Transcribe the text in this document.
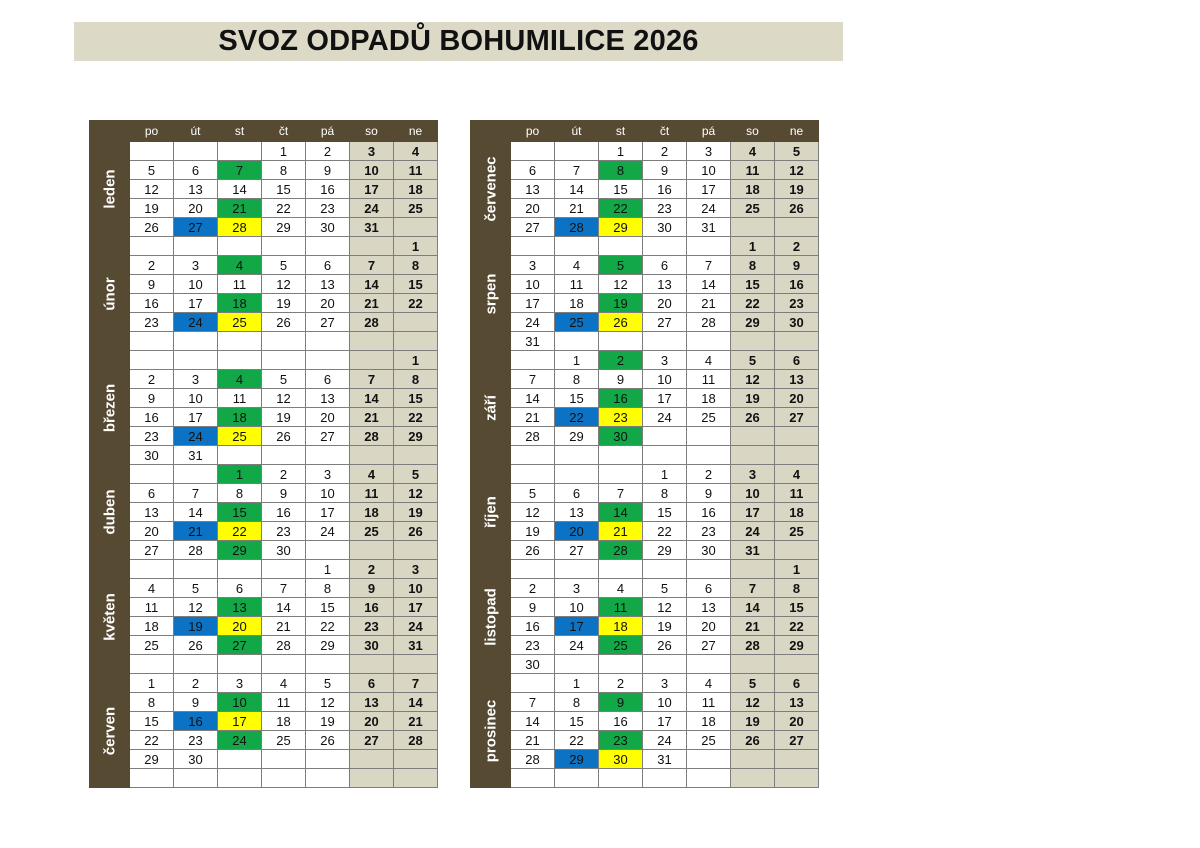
SVOZ ODPADŮ BOHUMILICE 2026
	po	út	st	čt	pá	so	ne

leden				1	2	3	4
	5	6	7	8	9	10	11
	12	13	14	15	16	17	18
	19	20	21	22	23	24	25
	26	27	28	29	30	31	

únor							1
	2	3	4	5	6	7	8
	9	10	11	12	13	14	15
	16	17	18	19	20	21	22
	23	24	25	26	27	28	

březen							1
	2	3	4	5	6	7	8
	9	10	11	12	13	14	15
	16	17	18	19	20	21	22
	23	24	25	26	27	28	29
	30	31					

duben			1	2	3	4	5
	6	7	8	9	10	11	12
	13	14	15	16	17	18	19
	20	21	22	23	24	25	26
	27	28	29	30			

květen					1	2	3
	4	5	6	7	8	9	10
	11	12	13	14	15	16	17
	18	19	20	21	22	23	24
	25	26	27	28	29	30	31

červen	1	2	3	4	5	6	7
	8	9	10	11	12	13	14
	15	16	17	18	19	20	21
	22	23	24	25	26	27	28
	29	30					

	po	út	st	čt	pá	so	ne

červenec			1	2	3	4	5
	6	7	8	9	10	11	12
	13	14	15	16	17	18	19
	20	21	22	23	24	25	26
	27	28	29	30	31		

srpen						1	2
	3	4	5	6	7	8	9
	10	11	12	13	14	15	16
	17	18	19	20	21	22	23
	24	25	26	27	28	29	30
	31						

září		1	2	3	4	5	6
	7	8	9	10	11	12	13
	14	15	16	17	18	19	20
	21	22	23	24	25	26	27
	28	29	30				

říjen				1	2	3	4
	5	6	7	8	9	10	11
	12	13	14	15	16	17	18
	19	20	21	22	23	24	25
	26	27	28	29	30	31	

listopad							1
	2	3	4	5	6	7	8
	9	10	11	12	13	14	15
	16	17	18	19	20	21	22
	23	24	25	26	27	28	29
	30						

prosinec		1	2	3	4	5	6
	7	8	9	10	11	12	13
	14	15	16	17	18	19	20
	21	22	23	24	25	26	27
	28	29	30	31			
